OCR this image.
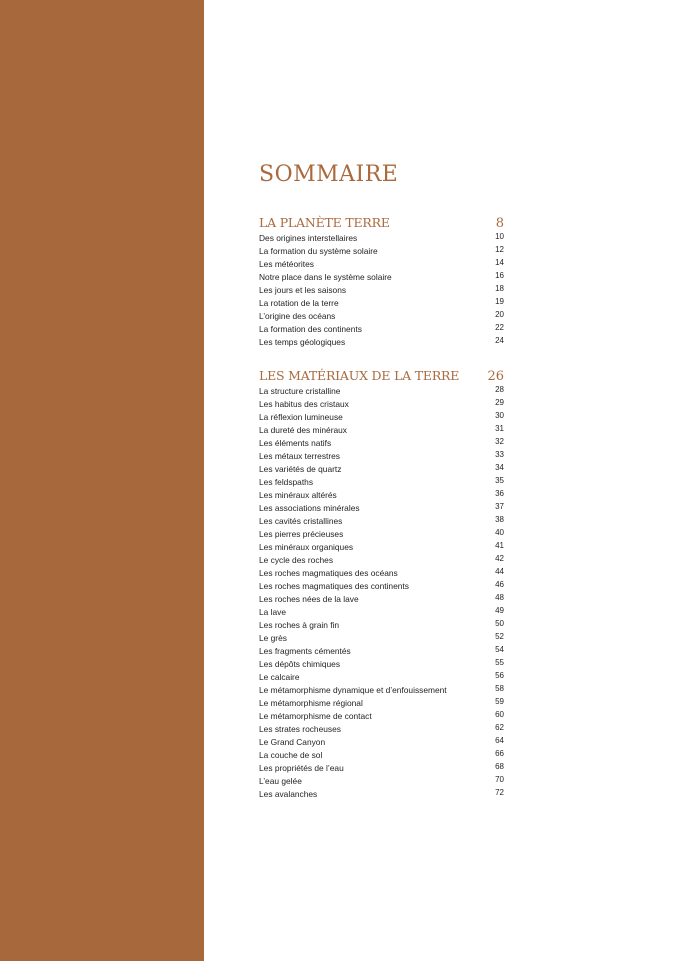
SOMMAIRE
LA PLANÈTE TERRE	8
Des origines interstellaires	10
La formation du système solaire	12
Les météorites	14
Notre place dans le système solaire	16
Les jours et les saisons	18
La rotation de la terre	19
L’origine des océans	20
La formation des continents	22
Les temps géologiques	24
LES MATÉRIAUX DE LA TERRE 26
La structure cristalline	28
Les habitus des cristaux	29
La réflexion lumineuse	30
La dureté des minéraux	31
Les éléments natifs	32
Les métaux terrestres	33
Les variétés de quartz	34
Les feldspaths	35
Les minéraux altérés	36
Les associations minérales	37
Les cavités cristallines	38
Les pierres précieuses	40
Les minéraux organiques	41
Le cycle des roches	42
Les roches magmatiques des océans	44
Les roches magmatiques des continents	46
Les roches nées de la lave	48
La lave	49
Les roches à grain fin	50
Le grès	52
Les fragments cémentés	54
Les dépôts chimiques	55
Le calcaire	56
Le métamorphisme dynamique et d’enfouissement	58
Le métamorphisme régional	59
Le métamorphisme de contact	60
Les strates rocheuses	62
Le Grand Canyon	64
La couche de sol	66
Les propriétés de l’eau	68
L’eau gelée	70
Les avalanches	72
